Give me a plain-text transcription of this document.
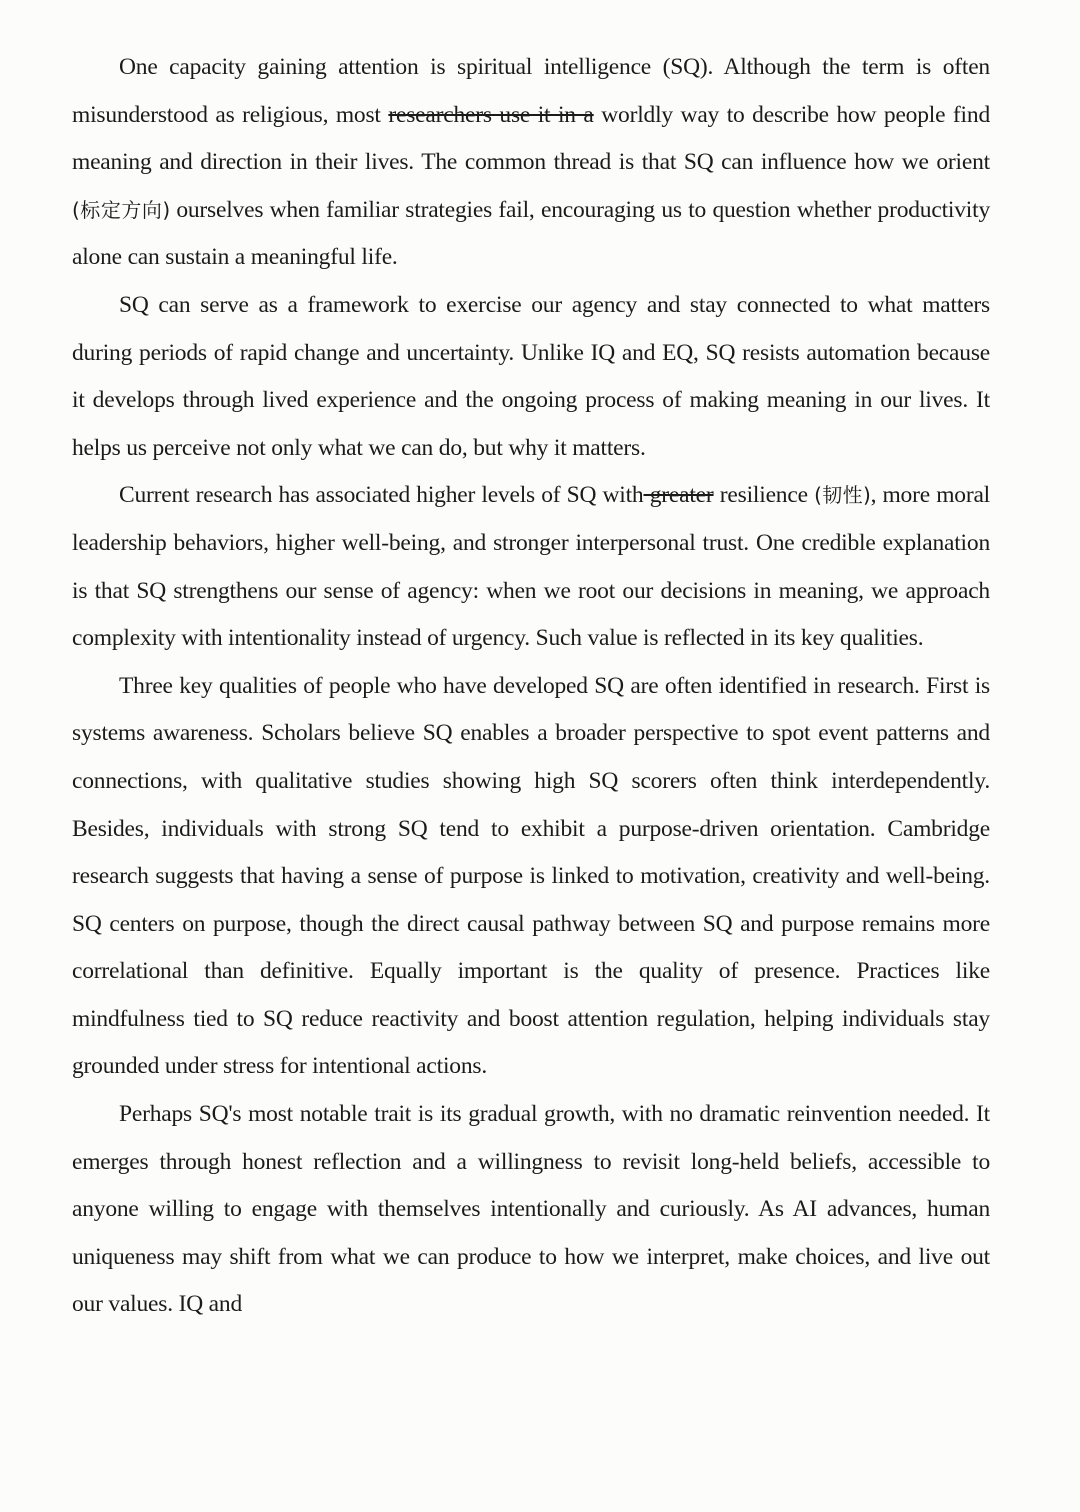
One capacity gaining attention is spiritual intelligence (SQ). Although the term is often misunderstood as religious, most researchers use it in a worldly way to describe how people find meaning and direction in their lives. The common thread is that SQ can influence how we orient (标定方向) ourselves when familiar strategies fail, encouraging us to question whether productivity alone can sustain a meaningful life.

SQ can serve as a framework to exercise our agency and stay connected to what matters during periods of rapid change and uncertainty. Unlike IQ and EQ, SQ resists automation because it develops through lived experience and the ongoing process of making meaning in our lives. It helps us perceive not only what we can do, but why it matters.

Current research has associated higher levels of SQ with greater resilience (韧性), more moral leadership behaviors, higher well-being, and stronger interpersonal trust. One credible explanation is that SQ strengthens our sense of agency: when we root our decisions in meaning, we approach complexity with intentionality instead of urgency. Such value is reflected in its key qualities.

Three key qualities of people who have developed SQ are often identified in research. First is systems awareness. Scholars believe SQ enables a broader perspective to spot event patterns and connections, with qualitative studies showing high SQ scorers often think interdependently. Besides, individuals with strong SQ tend to exhibit a purpose-driven orientation. Cambridge research suggests that having a sense of purpose is linked to motivation, creativity and well-being. SQ centers on purpose, though the direct causal pathway between SQ and purpose remains more correlational than definitive. Equally important is the quality of presence. Practices like mindfulness tied to SQ reduce reactivity and boost attention regulation, helping individuals stay grounded under stress for intentional actions.

Perhaps SQ's most notable trait is its gradual growth, with no dramatic reinvention needed. It emerges through honest reflection and a willingness to revisit long-held beliefs, accessible to anyone willing to engage with themselves intentionally and curiously. As AI advances, human uniqueness may shift from what we can produce to how we interpret, make choices, and live out our values. IQ and
